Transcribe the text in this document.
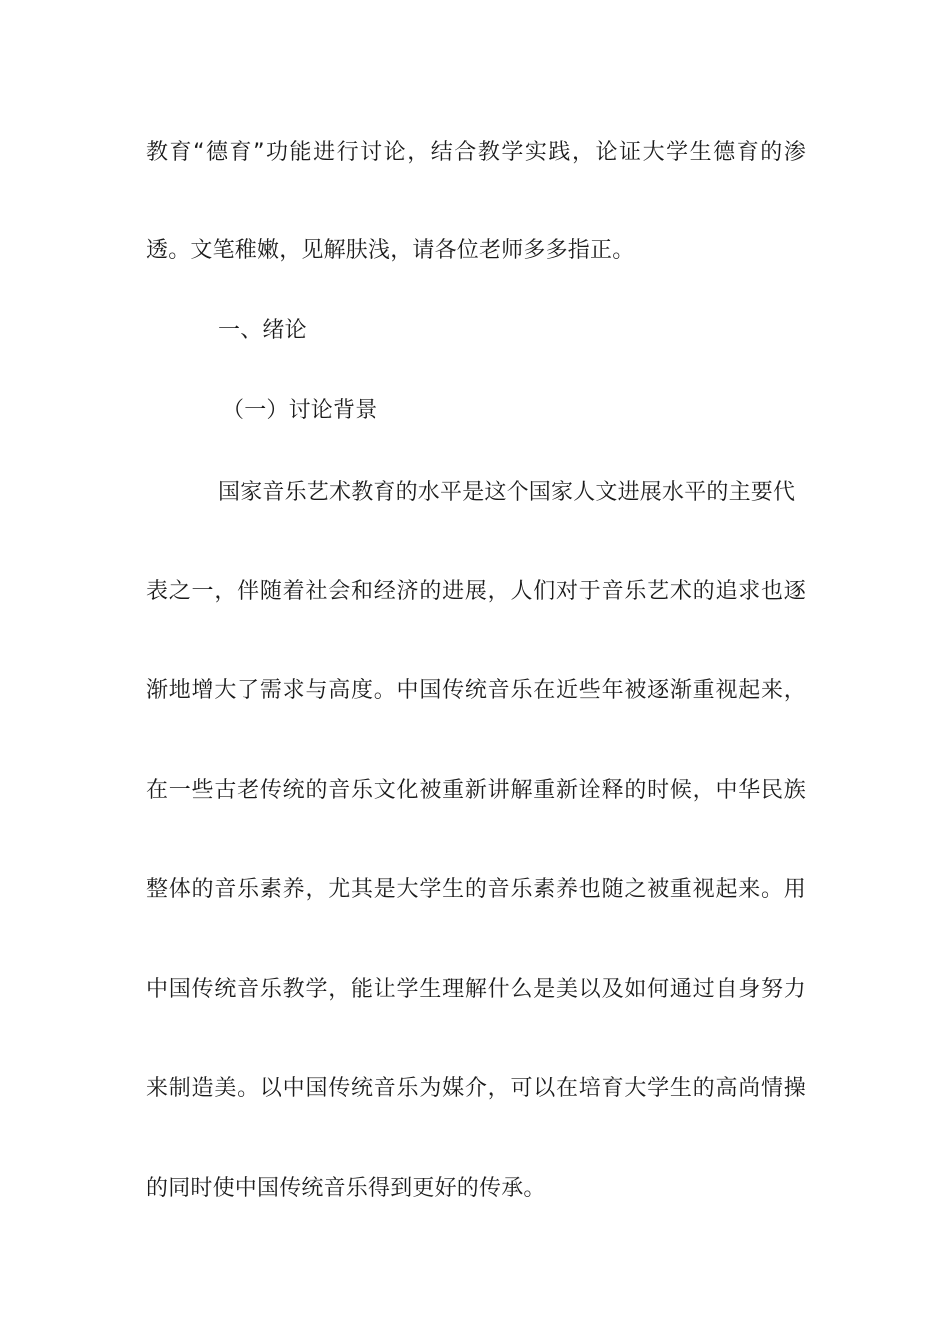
教育“德育”功能进行讨论，结合教学实践，论证大学生德育的渗
透。文笔稚嫩，见解肤浅，请各位老师多多指正。
一、绪论
（一）讨论背景
国家音乐艺术教育的水平是这个国家人文进展水平的主要代
表之一，伴随着社会和经济的进展，人们对于音乐艺术的追求也逐
渐地增大了需求与高度。中国传统音乐在近些年被逐渐重视起来，
在一些古老传统的音乐文化被重新讲解重新诠释的时候，中华民族
整体的音乐素养，尤其是大学生的音乐素养也随之被重视起来。用
中国传统音乐教学，能让学生理解什么是美以及如何通过自身努力
来制造美。以中国传统音乐为媒介，可以在培育大学生的高尚情操
的同时使中国传统音乐得到更好的传承。
